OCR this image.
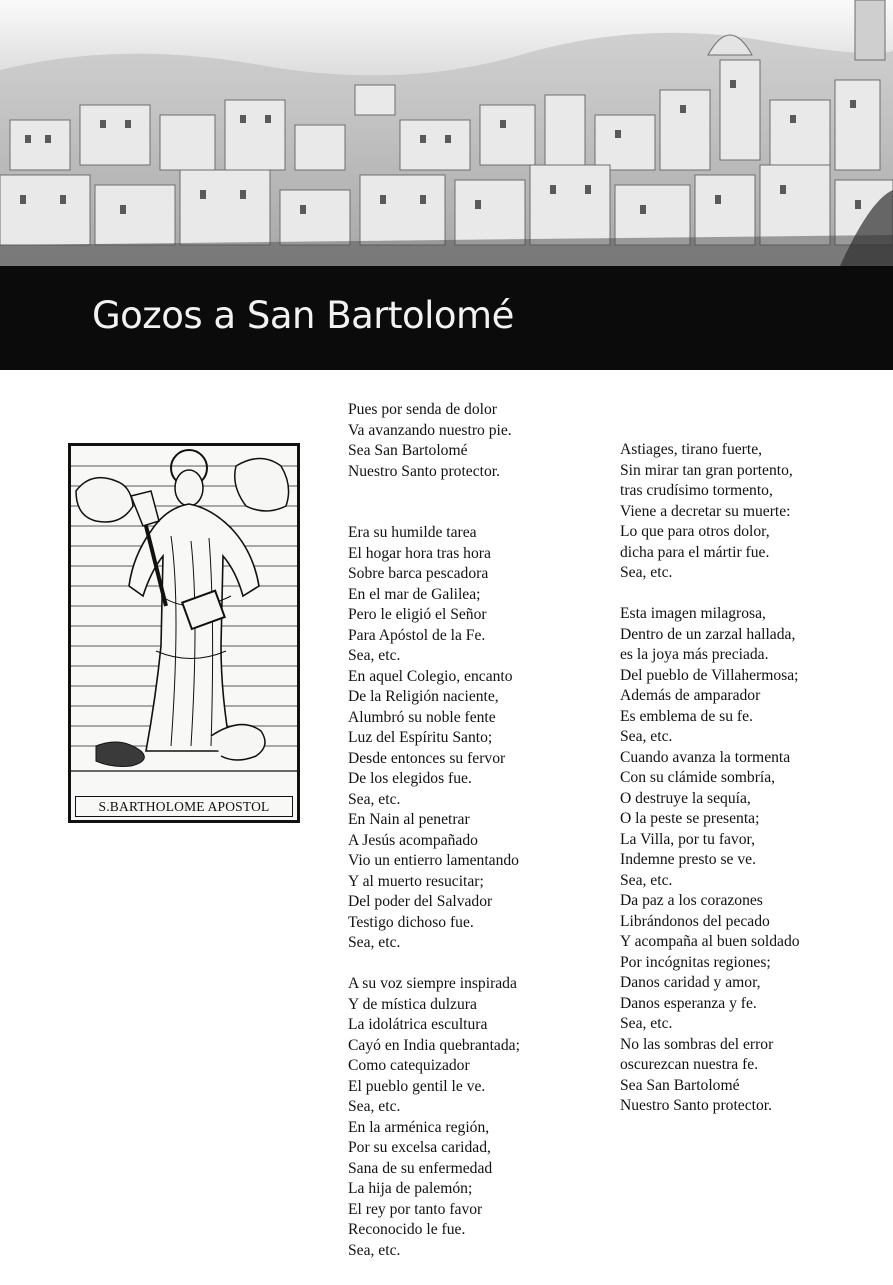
Gozos a San Bartolomé
S.BARTHOLOME APOSTOL
Pues por senda de dolor
Va avanzando nuestro pie.
Sea San Bartolomé
Nuestro Santo protector.
Era su humilde tarea
El hogar hora tras hora
Sobre barca pescadora
En el mar de Galilea;
Pero le eligió el Señor
Para Apóstol de la Fe.
Sea, etc.
En aquel Colegio, encanto
De la Religión naciente,
Alumbró su noble fente
Luz del Espíritu Santo;
Desde entonces su fervor
De los elegidos fue.
Sea, etc.
En Nain al penetrar
A Jesús acompañado
Vio un entierro lamentando
Y al muerto resucitar;
Del poder del Salvador
Testigo dichoso fue.
Sea, etc.
A su voz siempre inspirada
Y de mística dulzura
La idolátrica escultura
Cayó en India quebrantada;
Como catequizador
El pueblo gentil le ve.
Sea, etc.
En la arménica región,
Por su excelsa caridad,
Sana de su enfermedad
La hija de palemón;
El rey por tanto favor
Reconocido le fue.
Sea, etc.
Astiages, tirano fuerte,
Sin mirar tan gran portento,
tras crudísimo tormento,
Viene a decretar su muerte:
Lo que para otros dolor,
dicha para el mártir fue.
Sea, etc.
Esta imagen milagrosa,
Dentro de un zarzal hallada,
es la joya más preciada.
Del pueblo de Villahermosa;
Además de amparador
Es emblema de su fe.
Sea, etc.
Cuando avanza la tormenta
Con su clámide sombría,
O destruye la sequía,
O la peste se presenta;
La Villa, por tu favor,
Indemne presto se ve.
Sea, etc.
Da paz a los corazones
Librándonos del pecado
Y acompaña al buen soldado
Por incógnitas regiones;
Danos caridad y amor,
Danos esperanza y fe.
Sea, etc.
No las sombras del error
oscurezcan nuestra fe.
Sea San Bartolomé
Nuestro Santo protector.
